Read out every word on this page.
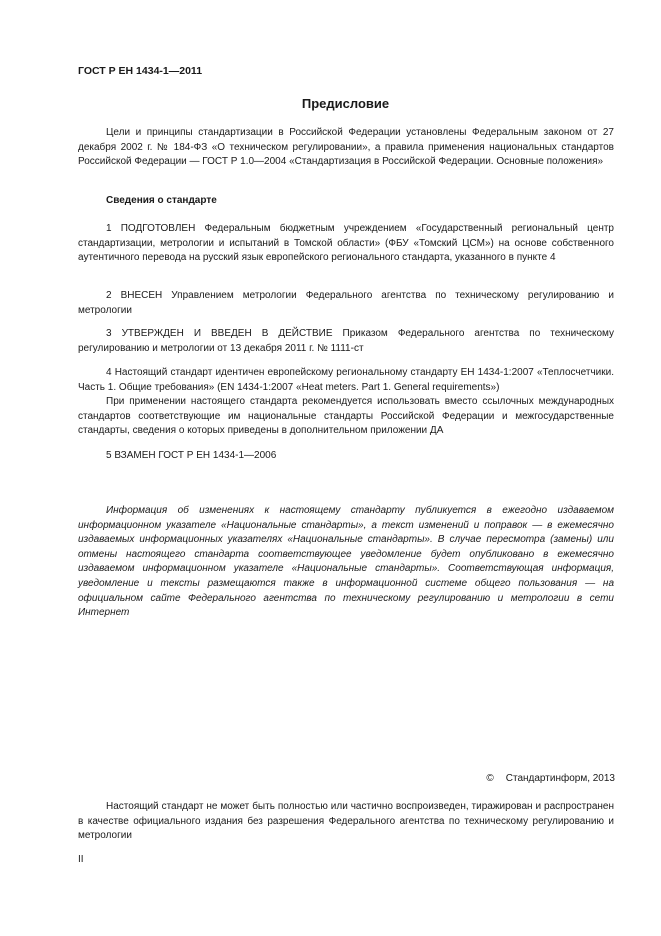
ГОСТ Р ЕН 1434-1—2011
Предисловие

Цели и принципы стандартизации в Российской Федерации установлены Федеральным законом от 27 декабря 2002 г. № 184-ФЗ «О техническом регулировании», а правила применения национальных стандартов Российской Федерации — ГОСТ Р 1.0—2004 «Стандартизация в Российской Федерации. Основные положения»

Сведения о стандарте

1 ПОДГОТОВЛЕН Федеральным бюджетным учреждением «Государственный региональный центр стандартизации, метрологии и испытаний в Томской области» (ФБУ «Томский ЦСМ») на основе собственного аутентичного перевода на русский язык европейского регионального стандарта, указанного в пункте 4

2 ВНЕСЕН Управлением метрологии Федерального агентства по техническому регулированию и метрологии

3 УТВЕРЖДЕН И ВВЕДЕН В ДЕЙСТВИЕ Приказом Федерального агентства по техническому регулированию и метрологии от 13 декабря 2011 г. № 1111-ст

4 Настоящий стандарт идентичен европейскому региональному стандарту ЕН 1434-1:2007 «Теплосчетчики. Часть 1. Общие требования» (EN 1434-1:2007 «Heat meters. Part 1. General requirements»)

При применении настоящего стандарта рекомендуется использовать вместо ссылочных международных стандартов соответствующие им национальные стандарты Российской Федерации и межгосударственные стандарты, сведения о которых приведены в дополнительном приложении ДА

5 ВЗАМЕН ГОСТ Р ЕН 1434-1—2006

Информация об изменениях к настоящему стандарту публикуется в ежегодно издаваемом информационном указателе «Национальные стандарты», а текст изменений и поправок — в ежемесячно издаваемых информационных указателях «Национальные стандарты». В случае пересмотра (замены) или отмены настоящего стандарта соответствующее уведомление будет опубликовано в ежемесячно издаваемом информационном указателе «Национальные стандарты». Соответствующая информация, уведомление и тексты размещаются также в информационной системе общего пользования — на официальном сайте Федерального агентства по техническому регулированию и метрологии в сети Интернет

© Стандартинформ, 2013

Настоящий стандарт не может быть полностью или частично воспроизведен, тиражирован и распространен в качестве официального издания без разрешения Федерального агентства по техническому регулированию и метрологии

II
